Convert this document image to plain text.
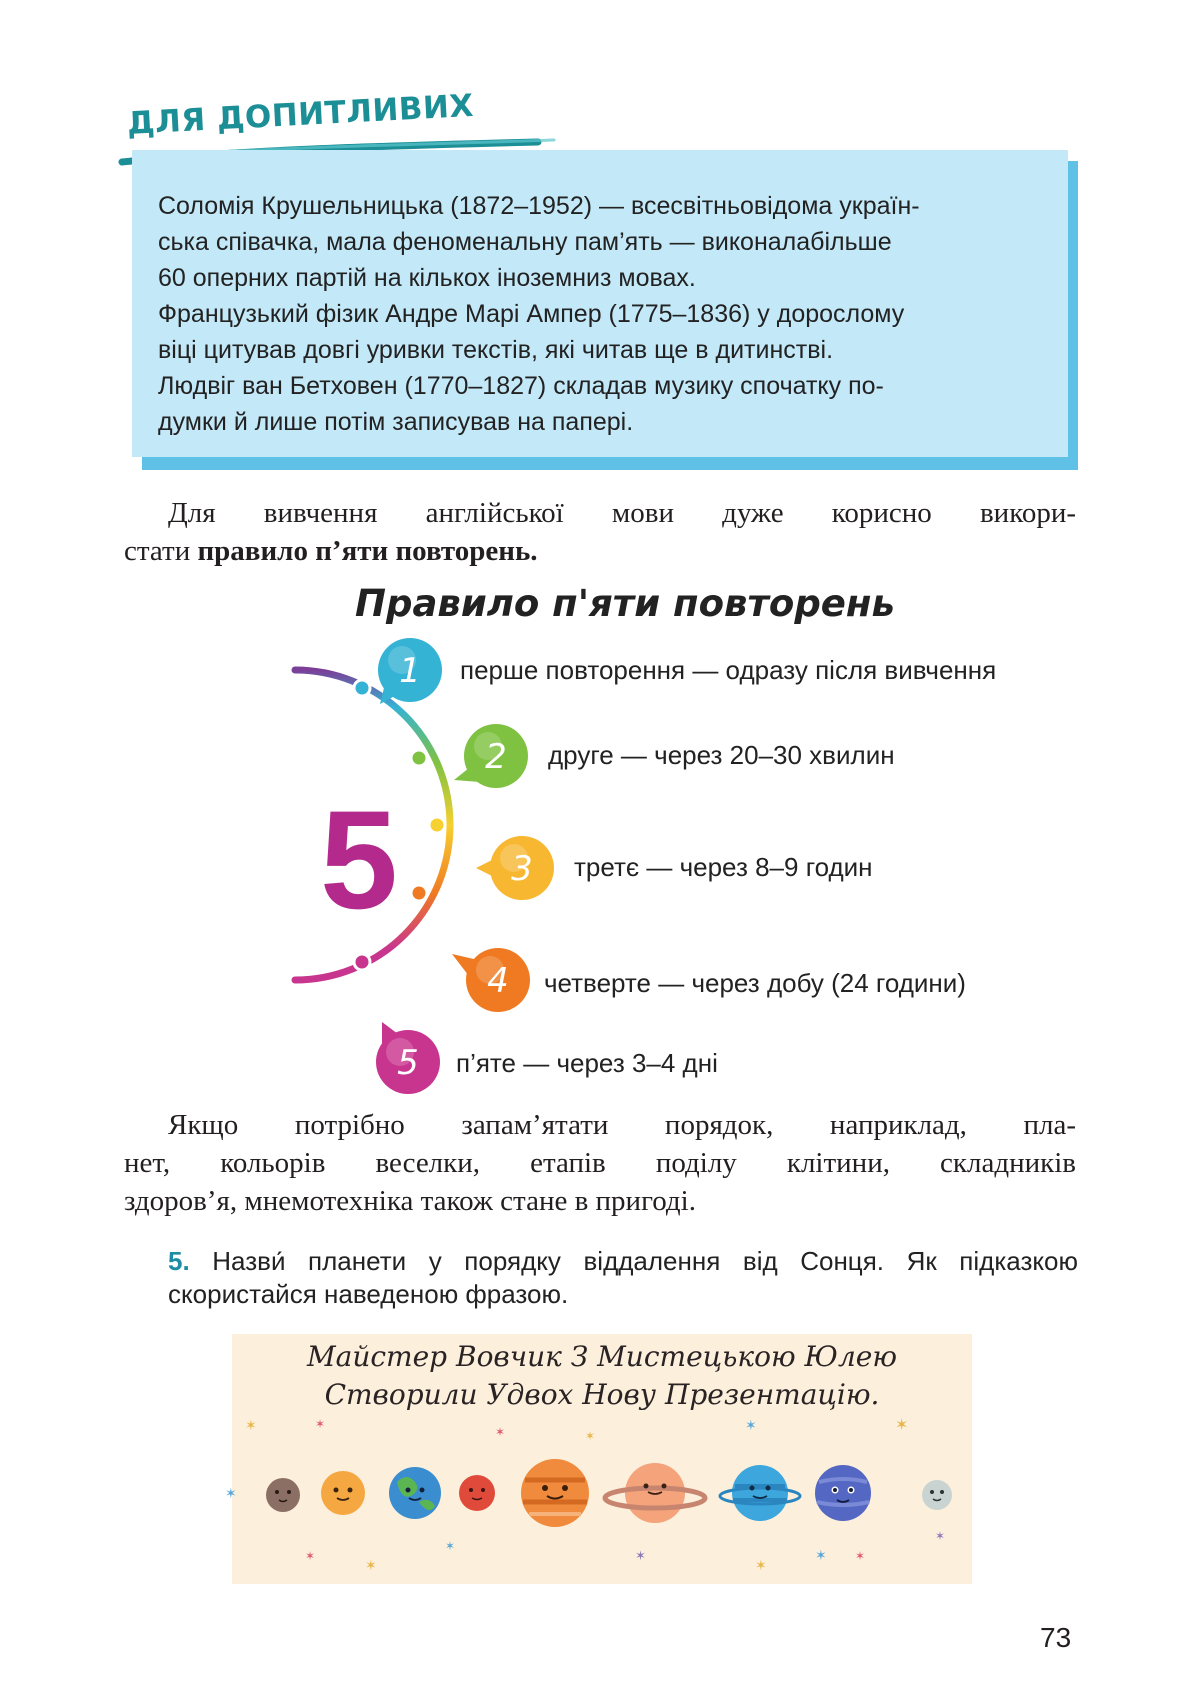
ДЛЯ ДОПИТЛИВИХ

Соломія Крушельницька (1872–1952) — всесвітньовідома україн-

ська співачка, мала феноменальну пам’ять — виконалабільше

60 оперних партій на кількох іноземниз мовах.

Французький фізик Андре Марі Ампер (1775–1836) у дорослому

віці цитував довгі уривки текстів, які читав ще в дитинстві.

Людвіг ван Бетховен (1770–1827) складав музику спочатку по-

думки й лише потім записував на папері.

Для вивчення англійської мови дуже корисно викори-
стати правило п’яти повторень.
Правило п'яти повторень
5
1 перше повторення — одразу після вивчення

2 друге — через 20–30 хвилин

3 третє — через 8–9 годин

4 четверте — через добу (24 години)

5 п’яте — через 3–4 дні

Якщо потрібно запам’ятати порядок, наприклад, пла-
нет, кольорів веселки, етапів поділу клітини, складників
здоров’я, мнемотехніка також стане в пригоді.

5. Назви́ планети у порядку віддалення від Сонця. Як підказкою скористайся наведеною фразою.

Майстер Вовчик З Мистецькою Юлею
Створили Удвох Нову Презентацію.
✶	✶
✶	✶
✶
✶
✶
✶
✶
✶
✶
✶
✶	✶
✶

73
